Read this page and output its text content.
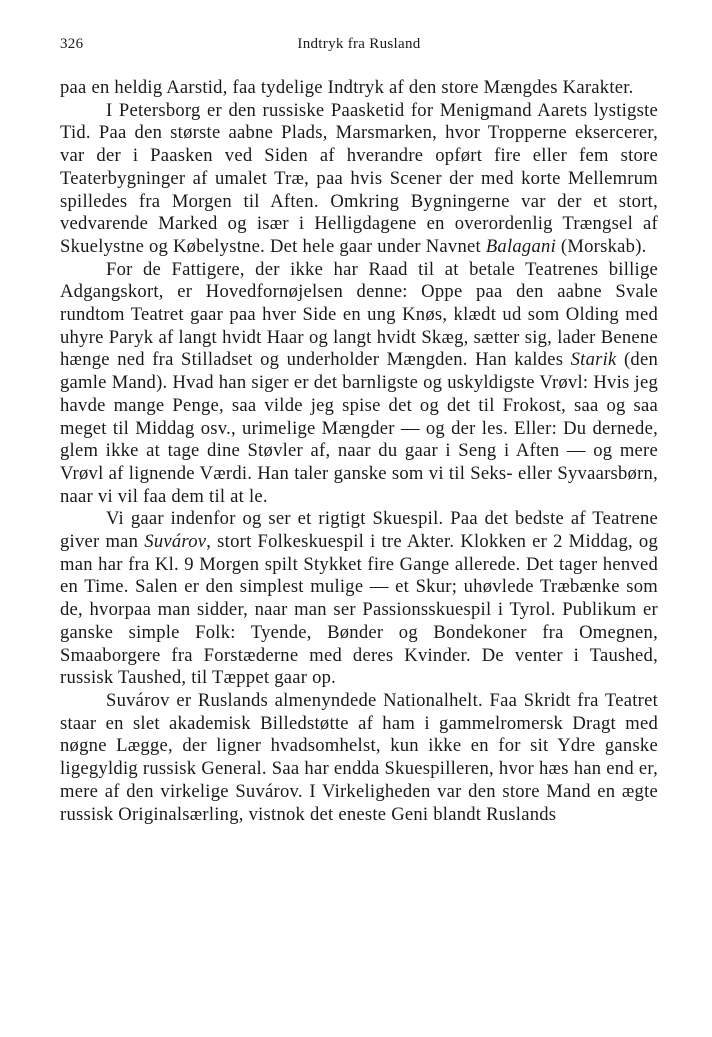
326	Indtryk fra Rusland

paa en heldig Aarstid, faa tydelige Indtryk af den store Mængdes Karakter.

I Petersborg er den russiske Paasketid for Menigmand Aarets lystigste Tid. Paa den største aabne Plads, Marsmarken, hvor Tropperne eksercerer, var der i Paasken ved Siden af hverandre opført fire eller fem store Teaterbygninger af umalet Træ, paa hvis Scener der med korte Mellemrum spilledes fra Morgen til Aften. Omkring Bygningerne var der et stort, vedvarende Marked og især i Helligdagene en overordenlig Trængsel af Skuelystne og Købelystne. Det hele gaar under Navnet Balagani (Morskab).

For de Fattigere, der ikke har Raad til at betale Teatrenes billige Adgangskort, er Hovedfornøjelsen denne: Oppe paa den aabne Svale rundtom Teatret gaar paa hver Side en ung Knøs, klædt ud som Olding med uhyre Paryk af langt hvidt Haar og langt hvidt Skæg, sætter sig, lader Benene hænge ned fra Stilladset og underholder Mængden. Han kaldes Starik (den gamle Mand). Hvad han siger er det barnligste og uskyldigste Vrøvl: Hvis jeg havde mange Penge, saa vilde jeg spise det og det til Frokost, saa og saa meget til Middag osv., urimelige Mængder — og der les. Eller: Du dernede, glem ikke at tage dine Støvler af, naar du gaar i Seng i Aften — og mere Vrøvl af lignende Værdi. Han taler ganske som vi til Seks- eller Syvaarsbørn, naar vi vil faa dem til at le.

Vi gaar indenfor og ser et rigtigt Skuespil. Paa det bedste af Teatrene giver man Suvárov, stort Folkeskuespil i tre Akter. Klokken er 2 Middag, og man har fra Kl. 9 Morgen spilt Stykket fire Gange allerede. Det tager henved en Time. Salen er den simplest mulige — et Skur; uhøvlede Træbænke som de, hvorpaa man sidder, naar man ser Passionsskuespil i Tyrol. Publikum er ganske simple Folk: Tyende, Bønder og Bondekoner fra Omegnen, Smaaborgere fra Forstæderne med deres Kvinder. De venter i Taushed, russisk Taushed, til Tæppet gaar op.

Suvárov er Ruslands almenyndede Nationalhelt. Faa Skridt fra Teatret staar en slet akademisk Billedstøtte af ham i gammelromersk Dragt med nøgne Lægge, der ligner hvadsomhelst, kun ikke en for sit Ydre ganske ligegyldig russisk General. Saa har endda Skuespilleren, hvor hæs han end er, mere af den virkelige Suvárov. I Virkeligheden var den store Mand en ægte russisk Originalsærling, vistnok det eneste Geni blandt Ruslands
